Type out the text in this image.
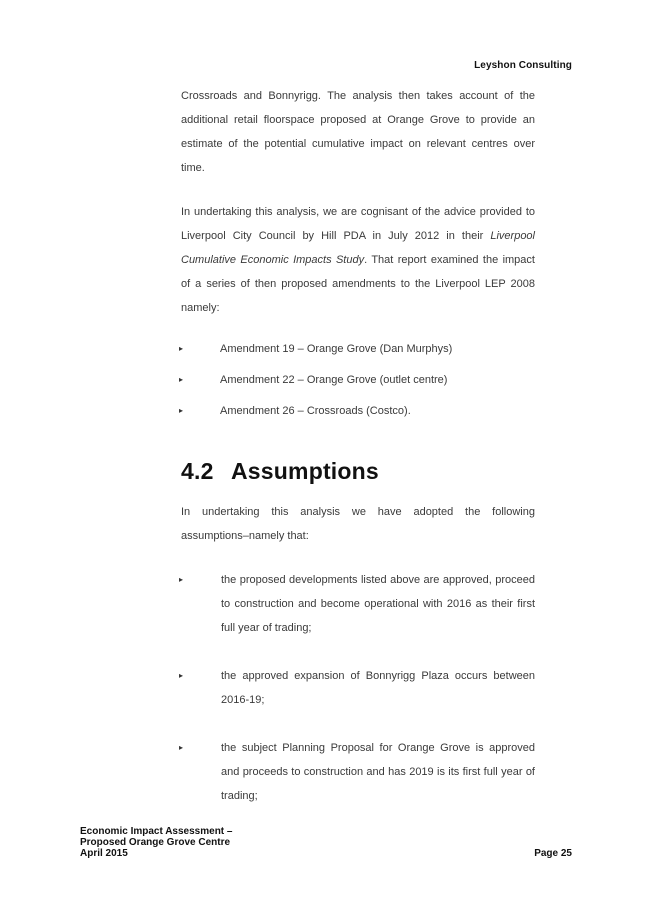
Leyshon Consulting

Crossroads and Bonnyrigg. The analysis then takes account of the additional retail floorspace proposed at Orange Grove to provide an estimate of the potential cumulative impact on relevant centres over time.

In undertaking this analysis, we are cognisant of the advice provided to Liverpool City Council by Hill PDA in July 2012 in their Liverpool Cumulative Economic Impacts Study. That report examined the impact of a series of then proposed amendments to the Liverpool LEP 2008 namely:

▸	Amendment 19 – Orange Grove (Dan Murphys)
▸	Amendment 22 – Orange Grove (outlet centre)
▸	Amendment 26 – Crossroads (Costco).
4.2 Assumptions

In undertaking this analysis we have adopted the following assumptions–namely that:

▸	the proposed developments listed above are approved, proceed to construction and become operational with 2016 as their first full year of trading;
▸	the approved expansion of Bonnyrigg Plaza occurs between 2016-19;
▸	the subject Planning Proposal for Orange Grove is approved and proceeds to construction and has 2019 is its first full year of trading;
Economic Impact Assessment –
Proposed Orange Grove Centre
April 2015	Page 25
